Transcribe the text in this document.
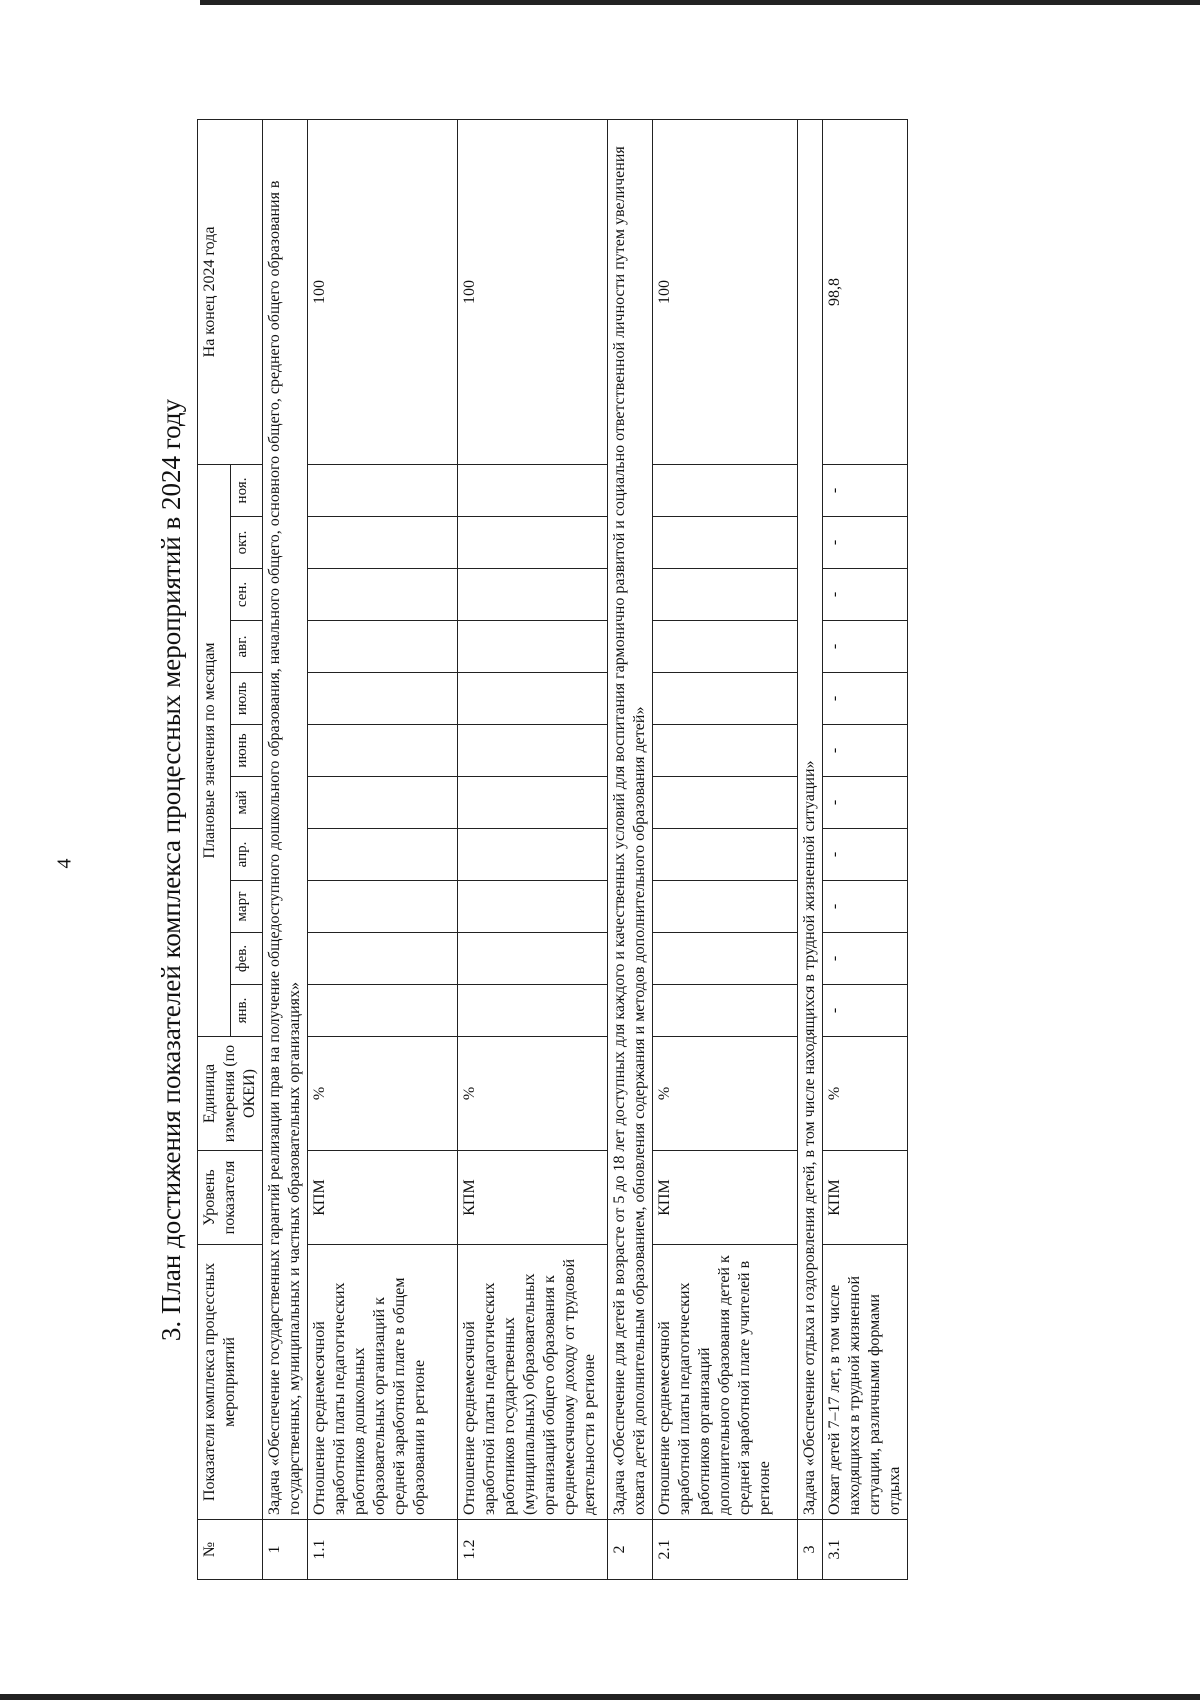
4	3. План достижения показателей комплекса процессных мероприятий в 2024 году
№	Показатели комплекса процессных мероприятий	Уровень показателя	Единица измерения (по ОКЕИ)	Плановые значения по месяцам											На конец 2024 года
				янв.	фев.	март	апр.	май	июнь	июль	авг.	сен.	окт.	ноя.	
1	Задача «Обеспечение государственных гарантий реализации прав на получение общедоступного дошкольного образования, начального общего, основного общего, среднего общего образования в государственных, муниципальных и частных образовательных организациях»														
1.1	Отношение среднемесячной заработной платы педагогических работников дошкольных образовательных организаций к средней заработной плате в общем образовании в регионе	КПМ	%												100
1.2	Отношение среднемесячной заработной платы педагогических работников государственных (муниципальных) образовательных организаций общего образования к среднемесячному доходу от трудовой деятельности в регионе	КПМ	%												100
2	Задача «Обеспечение для детей в возрасте от 5 до 18 лет доступных для каждого и качественных условий для воспитания гармонично развитой и социально ответственной личности путем увеличения охвата детей дополнительным образованием, обновления содержания и методов дополнительного образования детей»														
2.1	Отношение среднемесячной заработной платы педагогических работников организаций дополнительного образования детей к средней заработной плате учителей в регионе	КПМ	%												100
3	Задача «Обеспечение отдыха и оздоровления детей, в том числе находящихся в трудной жизненной ситуации»														
3.1	Охват детей 7–17 лет, в том числе находящихся в трудной жизненной ситуации, различными формами отдыха	КПМ	%	-	-	-	-	-	-	-	-	-	-	-	98,8
